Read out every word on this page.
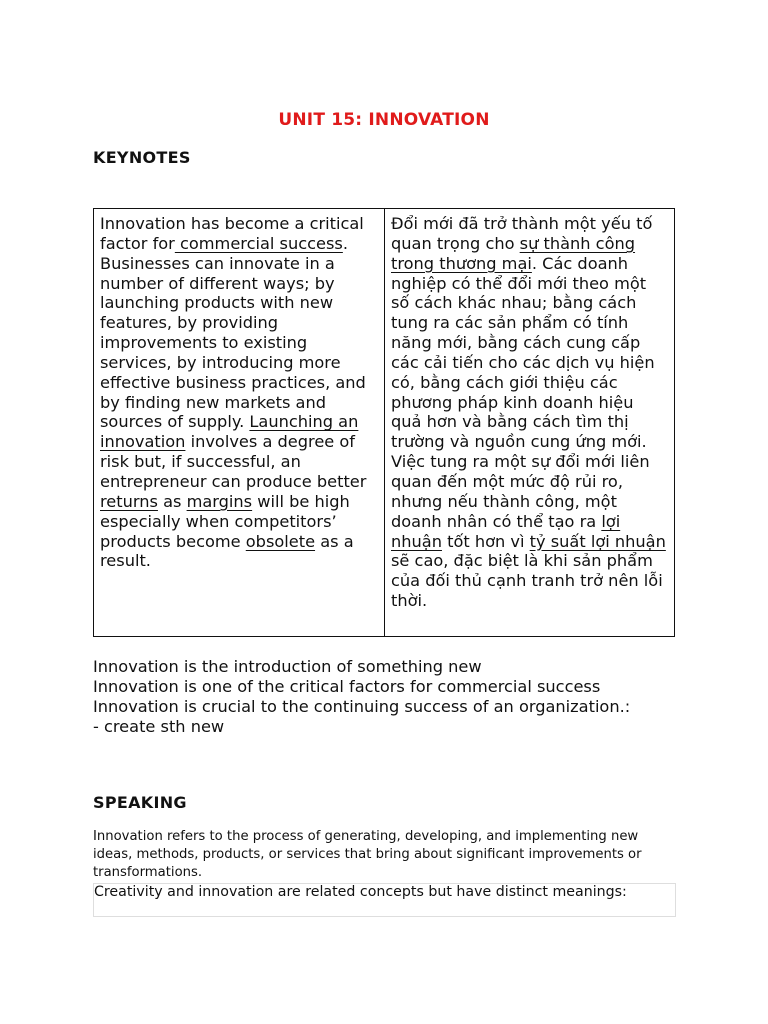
UNIT 15: INNOVATION
KEYNOTES
Innovation has become a critical factor for commercial success. Businesses can innovate in a number of different ways; by launching products with new features, by providing improvements to existing services, by introducing more effective business practices, and by finding new markets and sources of supply. Launching an innovation involves a degree of risk but, if successful, an entrepreneur can produce better returns as margins will be high especially when competitors’ products become obsolete as a result.
Đổi mới đã trở thành một yếu tố quan trọng cho sự thành công trong thương mại. Các doanh nghiệp có thể đổi mới theo một số cách khác nhau; bằng cách tung ra các sản phẩm có tính năng mới, bằng cách cung cấp các cải tiến cho các dịch vụ hiện có, bằng cách giới thiệu các phương pháp kinh doanh hiệu quả hơn và bằng cách tìm thị trường và nguồn cung ứng mới. Việc tung ra một sự đổi mới liên quan đến một mức độ rủi ro, nhưng nếu thành công, một doanh nhân có thể tạo ra lợi nhuận tốt hơn vì tỷ suất lợi nhuận sẽ cao, đặc biệt là khi sản phẩm của đối thủ cạnh tranh trở nên lỗi thời.
Innovation is the introduction of something new
Innovation is one of the critical factors for commercial success
Innovation is crucial to the continuing success of an organization.:
- create sth new
SPEAKING
Innovation refers to the process of generating, developing, and implementing new ideas, methods, products, or services that bring about significant improvements or transformations.
Creativity and innovation are related concepts but have distinct meanings:
